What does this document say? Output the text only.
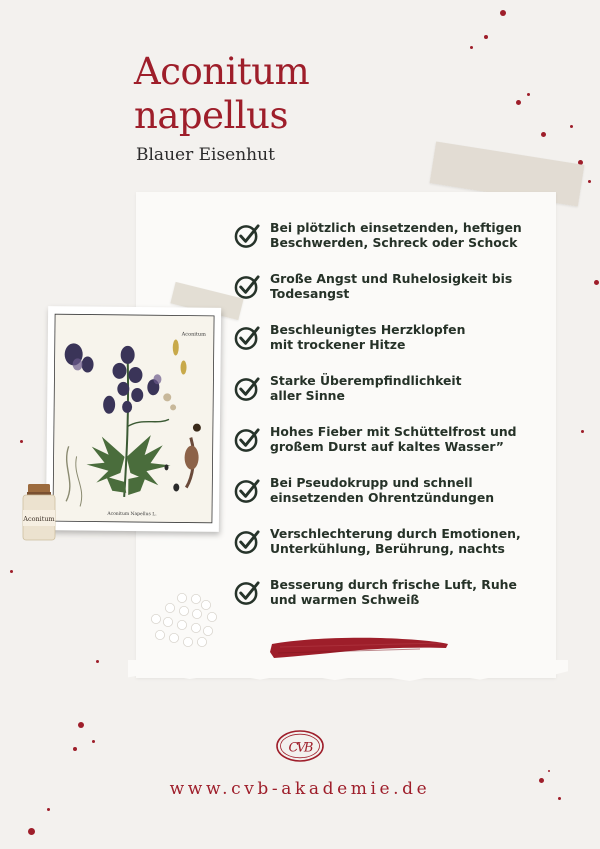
Aconitum
napellus
Blauer Eisenhut
Bei plötzlich einsetzenden, heftigen
Beschwerden, Schreck oder Schock
Große Angst und Ruhelosigkeit bis
Todesangst
Beschleunigtes Herzklopfen
mit trockener Hitze
Starke Überempfindlichkeit
aller Sinne
Hohes Fieber mit Schüttelfrost und
großem Durst auf kaltes Wasser”
Bei Pseudokrupp und schnell
einsetzenden Ohrentzündungen
Verschlechterung durch Emotionen,
Unterkühlung, Berührung, nachts
Besserung durch frische Luft, Ruhe
und warmen Schweiß
Aconitum
Aconitum Napellus L.
Aconitum
CVB
www.cvb-akademie.de
